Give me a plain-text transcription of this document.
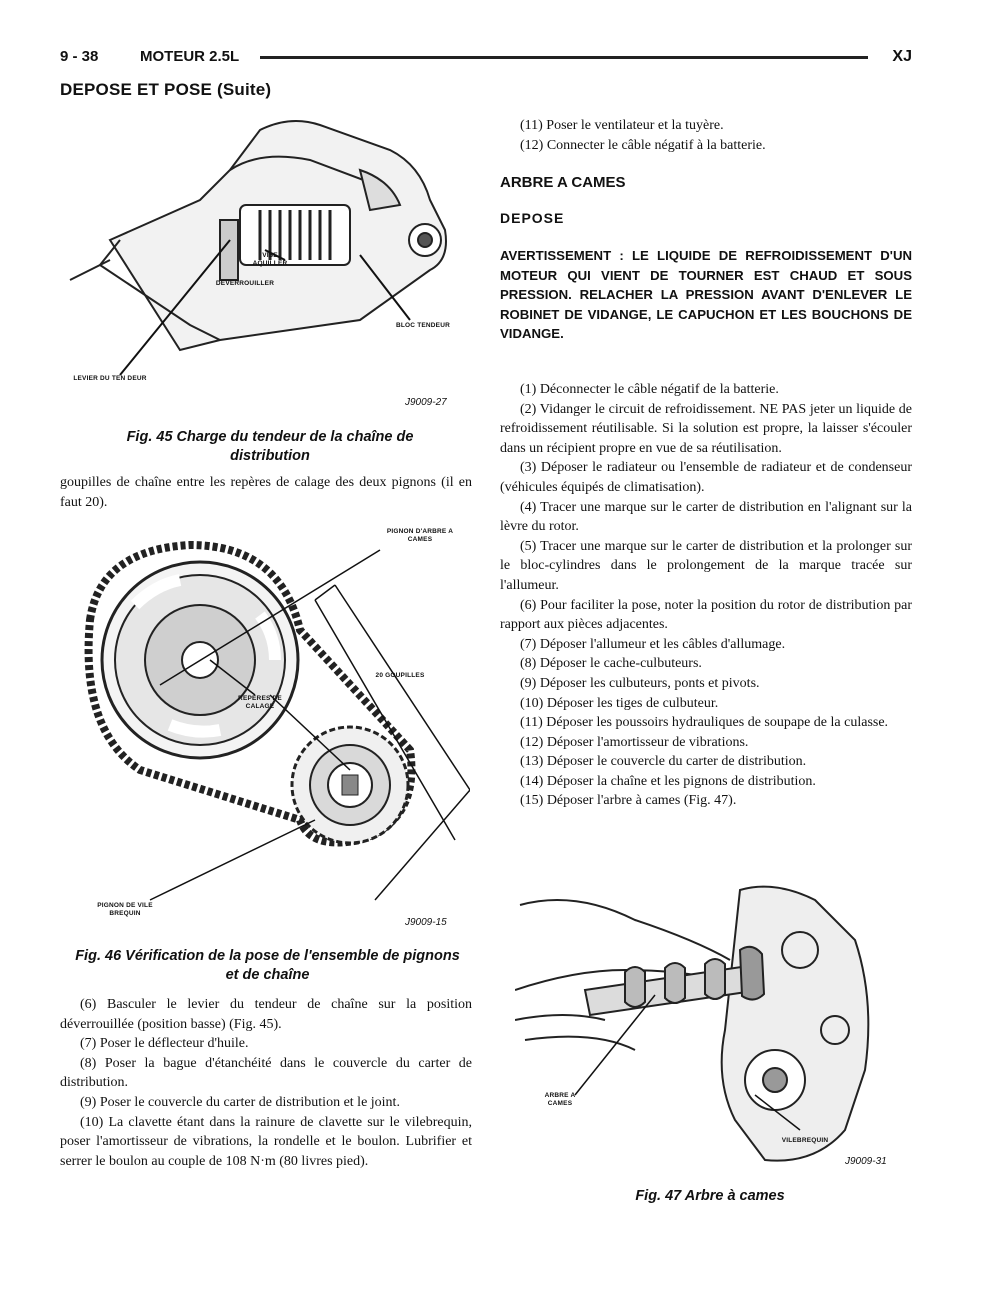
9 - 38	MOTEUR 2.5L	XJ
DEPOSE ET POSE (Suite)
VISE AQUILLER
DEVERROUILLER
BLOC TENDEUR
LEVIER DU TEN DEUR
J9009-27
Fig. 45 Charge du tendeur de la chaîne de distribution

goupilles de chaîne entre les repères de calage des deux pignons (il en faut 20).

PIGNON D'ARBRE A CAMES
20 GOUPILLES
REPERES DE CALAGE
PIGNON DE VILE BREQUIN
J9009-15
Fig. 46 Vérification de la pose de l'ensemble de pignons et de chaîne

(6) Basculer le levier du tendeur de chaîne sur la position déverrouillée (position basse) (Fig. 45).

(7) Poser le déflecteur d'huile.

(8) Poser la bague d'étanchéité dans le couvercle du carter de distribution.

(9) Poser le couvercle du carter de distribution et le joint.

(10) La clavette étant dans la rainure de clavette sur le vilebrequin, poser l'amortisseur de vibrations, la rondelle et le boulon. Lubrifier et serrer le boulon au couple de 108 N·m (80 livres pied).

(11) Poser le ventilateur et la tuyère.

(12) Connecter le câble négatif à la batterie.

ARBRE A CAMES
DEPOSE
AVERTISSEMENT : LE LIQUIDE DE REFROIDISSEMENT D'UN MOTEUR QUI VIENT DE TOURNER EST CHAUD ET SOUS PRESSION. RELACHER LA PRESSION AVANT D'ENLEVER LE ROBINET DE VIDANGE, LE CAPUCHON ET LES BOUCHONS DE VIDANGE.

(1) Déconnecter le câble négatif de la batterie.

(2) Vidanger le circuit de refroidissement. NE PAS jeter un liquide de refroidissement réutilisable. Si la solution est propre, la laisser s'écouler dans un récipient propre en vue de sa réutilisation.

(3) Déposer le radiateur ou l'ensemble de radiateur et de condenseur (véhicules équipés de climatisation).

(4) Tracer une marque sur le carter de distribution en l'alignant sur la lèvre du rotor.

(5) Tracer une marque sur le carter de distribution et la prolonger sur le bloc-cylindres dans le prolongement de la marque tracée sur l'allumeur.

(6) Pour faciliter la pose, noter la position du rotor de distribution par rapport aux pièces adjacentes.

(7) Déposer l'allumeur et les câbles d'allumage.

(8) Déposer le cache-culbuteurs.

(9) Déposer les culbuteurs, ponts et pivots.

(10) Déposer les tiges de culbuteur.

(11) Déposer les poussoirs hydrauliques de soupape de la culasse.

(12) Déposer l'amortisseur de vibrations.

(13) Déposer le couvercle du carter de distribution.

(14) Déposer la chaîne et les pignons de distribution.

(15) Déposer l'arbre à cames (Fig. 47).

ARBRE A CAMES
VILEBREQUIN
J9009-31
Fig. 47 Arbre à cames
